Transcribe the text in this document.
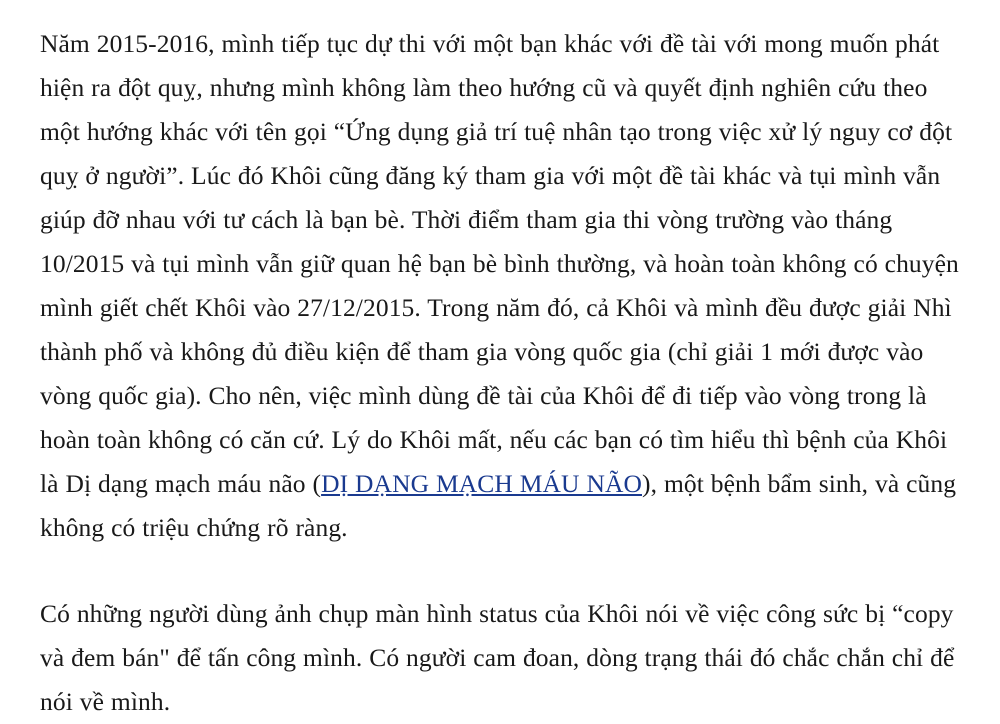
Năm 2015-2016, mình tiếp tục dự thi với một bạn khác với đề tài với mong muốn phát hiện ra đột quỵ, nhưng mình không làm theo hướng cũ và quyết định nghiên cứu theo một hướng khác với tên gọi “Ứng dụng giả trí tuệ nhân tạo trong việc xử lý nguy cơ đột quỵ ở người”. Lúc đó Khôi cũng đăng ký tham gia với một đề tài khác và tụi mình vẫn giúp đỡ nhau với tư cách là bạn bè. Thời điểm tham gia thi vòng trường vào tháng 10/2015 và tụi mình vẫn giữ quan hệ bạn bè bình thường, và hoàn toàn không có chuyện mình giết chết Khôi vào 27/12/2015. Trong năm đó, cả Khôi và mình đều được giải Nhì thành phố và không đủ điều kiện để tham gia vòng quốc gia (chỉ giải 1 mới được vào vòng quốc gia). Cho nên, việc mình dùng đề tài của Khôi để đi tiếp vào vòng trong là hoàn toàn không có căn cứ. Lý do Khôi mất, nếu các bạn có tìm hiểu thì bệnh của Khôi là Dị dạng mạch máu não (DỊ DẠNG MẠCH MÁU NÃO), một bệnh bẩm sinh, và cũng không có triệu chứng rõ ràng.

Có những người dùng ảnh chụp màn hình status của Khôi nói về việc công sức bị “copy và đem bán" để tấn công mình. Có người cam đoan, dòng trạng thái đó chắc chắn chỉ để nói về mình.
